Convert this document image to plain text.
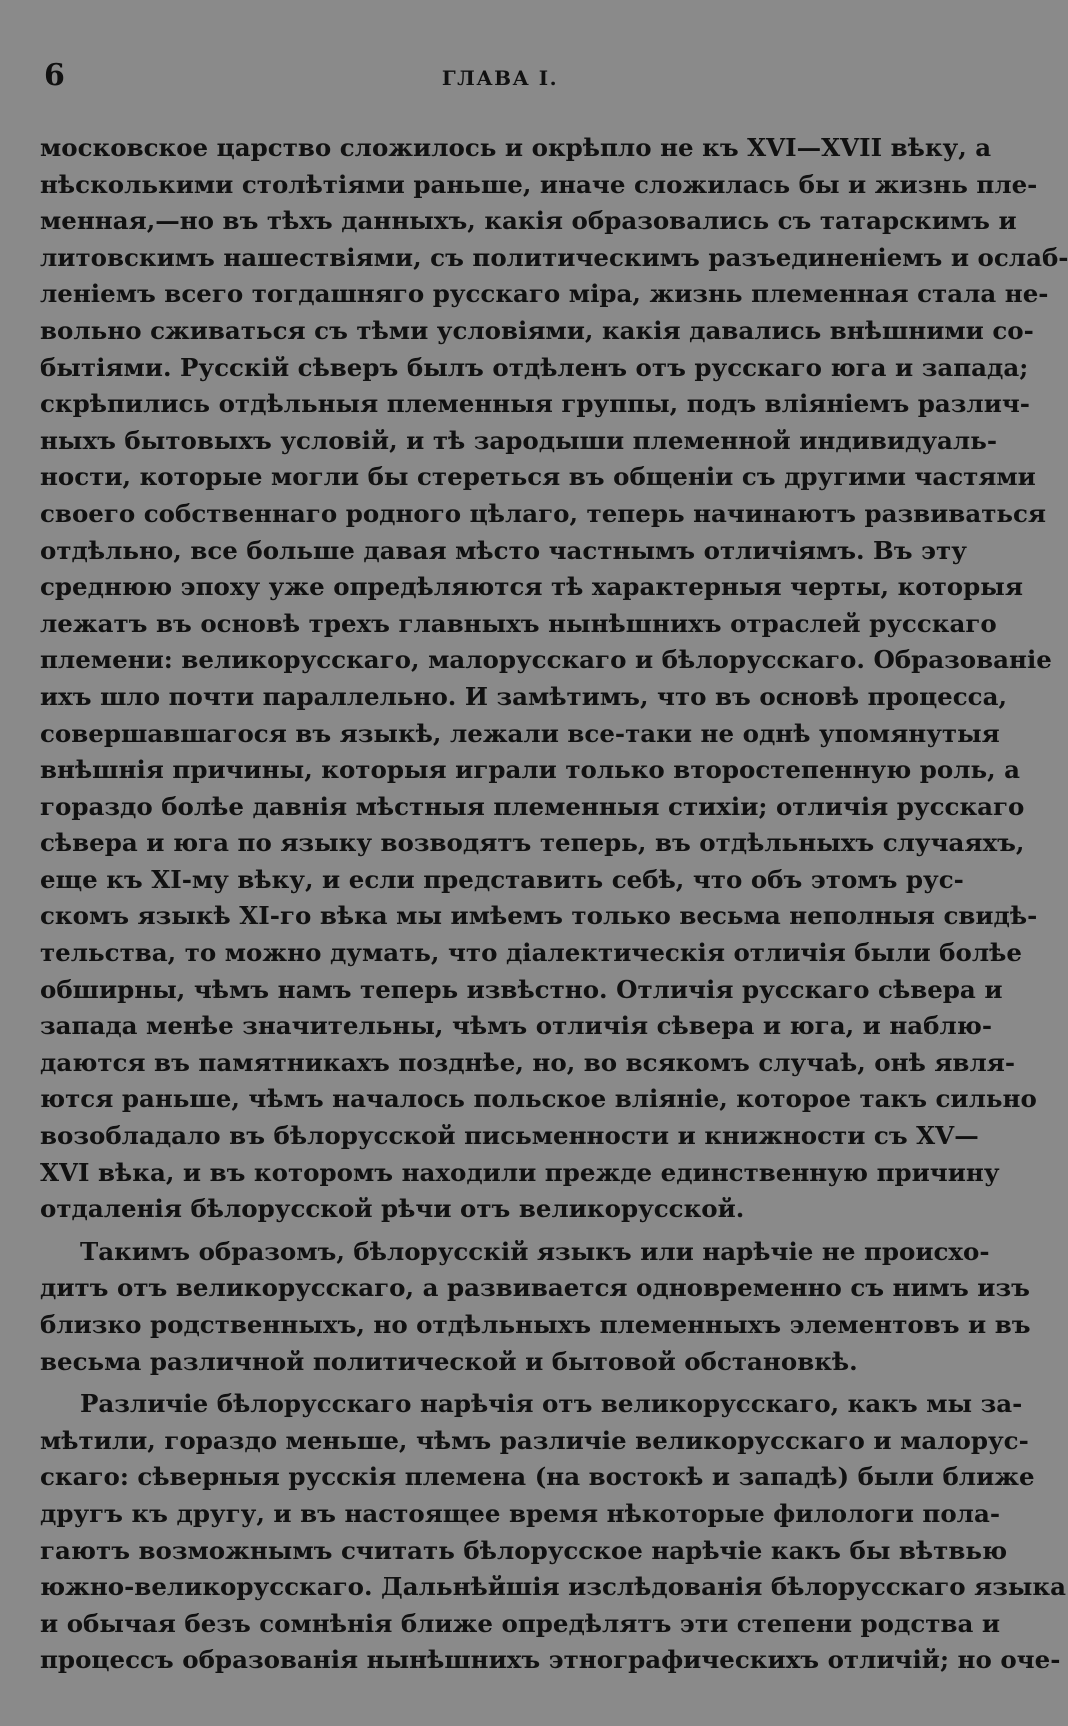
6	ГЛАВА I.
московское царство сложилось и окрѣпло не къ XVI—XVII вѣку, а
нѣсколькими столѣтіями раньше, иначе сложилась бы и жизнь пле-
менная,—но въ тѣхъ данныхъ, какія образовались съ татарскимъ и
литовскимъ нашествіями, съ политическимъ разъединеніемъ и ослаб-
леніемъ всего тогдашняго русскаго міра, жизнь племенная стала не-
вольно сживаться съ тѣми условіями, какія давались внѣшними со-
бытіями. Русскій сѣверъ былъ отдѣленъ отъ русскаго юга и запада;
скрѣпились отдѣльныя племенныя группы, подъ вліяніемъ различ-
ныхъ бытовыхъ условій, и тѣ зародыши племенной индивидуаль-
ности, которые могли бы стереться въ общеніи съ другими частями
своего собственнаго родного цѣлаго, теперь начинаютъ развиваться
отдѣльно, все больше давая мѣсто частнымъ отличіямъ. Въ эту
среднюю эпоху уже опредѣляются тѣ характерныя черты, которыя
лежатъ въ основѣ трехъ главныхъ нынѣшнихъ отраслей русскаго
племени: великорусскаго, малорусскаго и бѣлорусскаго. Образованіе
ихъ шло почти параллельно. И замѣтимъ, что въ основѣ процесса,
совершавшагося въ языкѣ, лежали все-таки не однѣ упомянутыя
внѣшнія причины, которыя играли только второстепенную роль, а
гораздо болѣе давнія мѣстныя племенныя стихіи; отличія русскаго
сѣвера и юга по языку возводятъ теперь, въ отдѣльныхъ случаяхъ,
еще къ XI-му вѣку, и если представить себѣ, что объ этомъ рус-
скомъ языкѣ XI-го вѣка мы имѣемъ только весьма неполныя свидѣ-
тельства, то можно думать, что діалектическія отличія были болѣе
обширны, чѣмъ намъ теперь извѣстно. Отличія русскаго сѣвера и
запада менѣе значительны, чѣмъ отличія сѣвера и юга, и наблю-
даются въ памятникахъ позднѣе, но, во всякомъ случаѣ, онѣ явля-
ются раньше, чѣмъ началось польское вліяніе, которое такъ сильно
возобладало въ бѣлорусской письменности и книжности съ XV—
XVI вѣка, и въ которомъ находили прежде единственную причину
отдаленія бѣлорусской рѣчи отъ великорусской.
Такимъ образомъ, бѣлорусскій языкъ или нарѣчіе не происхо-
дитъ отъ великорусскаго, а развивается одновременно съ нимъ изъ
близко родственныхъ, но отдѣльныхъ племенныхъ элементовъ и въ
весьма различной политической и бытовой обстановкѣ.
Различіе бѣлорусскаго нарѣчія отъ великорусскаго, какъ мы за-
мѣтили, гораздо меньше, чѣмъ различіе великорусскаго и малорус-
скаго: сѣверныя русскія племена (на востокѣ и западѣ) были ближе
другъ къ другу, и въ настоящее время нѣкоторые филологи пола-
гаютъ возможнымъ считать бѣлорусское нарѣчіе какъ бы вѣтвью
южно-великорусскаго. Дальнѣйшія изслѣдованія бѣлорусскаго языка
и обычая безъ сомнѣнія ближе опредѣлятъ эти степени родства и
процессъ образованія нынѣшнихъ этнографическихъ отличій; но оче-
